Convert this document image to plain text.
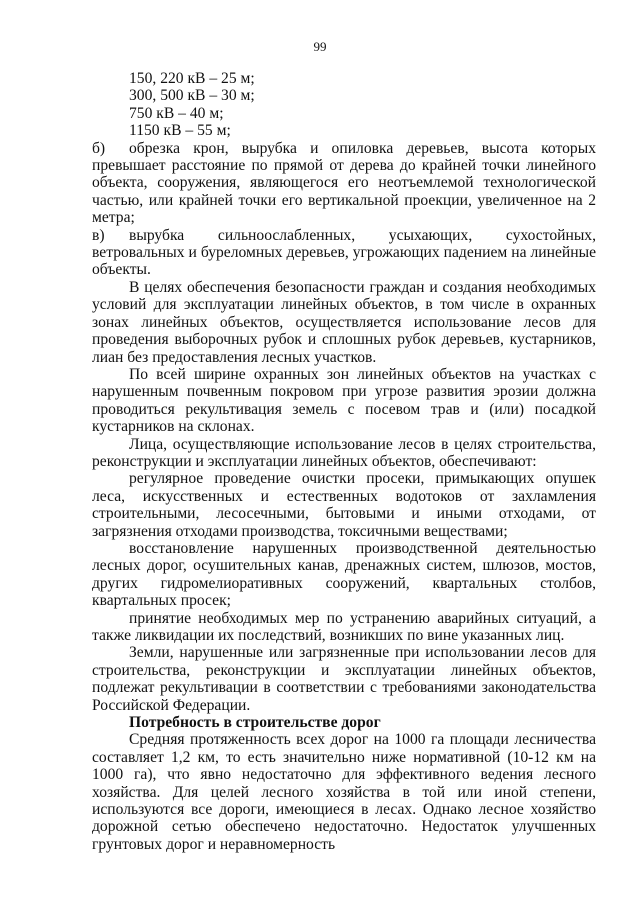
99

150, 220 кВ – 25 м;

300, 500 кВ – 30 м;

750 кВ – 40 м;

1150 кВ – 55 м;

б) обрезка крон, вырубка и опиловка деревьев, высота которых превышает расстояние по прямой от дерева до крайней точки линейного объекта, сооружения, являющегося его неотъемлемой технологической частью, или крайней точки его вертикальной проекции, увеличенное на 2 метра;

в) вырубка сильноослабленных, усыхающих, сухостойных, ветровальных и буреломных деревьев, угрожающих падением на линейные объекты.

В целях обеспечения безопасности граждан и создания необходимых условий для эксплуатации линейных объектов, в том числе в охранных зонах линейных объектов, осуществляется использование лесов для проведения выборочных рубок и сплошных рубок деревьев, кустарников, лиан без предоставления лесных участков.

По всей ширине охранных зон линейных объектов на участках с нарушенным почвенным покровом при угрозе развития эрозии должна проводиться рекультивация земель с посевом трав и (или) посадкой кустарников на склонах.

Лица, осуществляющие использование лесов в целях строительства, реконструкции и эксплуатации линейных объектов, обеспечивают:

регулярное проведение очистки просеки, примыкающих опушек леса, искусственных и естественных водотоков от захламления строительными, лесосечными, бытовыми и иными отходами, от загрязнения отходами производства, токсичными веществами;

восстановление нарушенных производственной деятельностью лесных дорог, осушительных канав, дренажных систем, шлюзов, мостов, других гидромелиоративных сооружений, квартальных столбов, квартальных просек;

принятие необходимых мер по устранению аварийных ситуаций, а также ликвидации их последствий, возникших по вине указанных лиц.

Земли, нарушенные или загрязненные при использовании лесов для строительства, реконструкции и эксплуатации линейных объектов, подлежат рекультивации в соответствии с требованиями законодательства Российской Федерации.

Потребность в строительстве дорог

Средняя протяженность всех дорог на 1000 га площади лесничества составляет 1,2 км, то есть значительно ниже нормативной (10-12 км на 1000 га), что явно недостаточно для эффективного ведения лесного хозяйства. Для целей лесного хозяйства в той или иной степени, используются все дороги, имеющиеся в лесах. Однако лесное хозяйство дорожной сетью обеспечено недостаточно. Недостаток улучшенных грунтовых дорог и неравномерность
